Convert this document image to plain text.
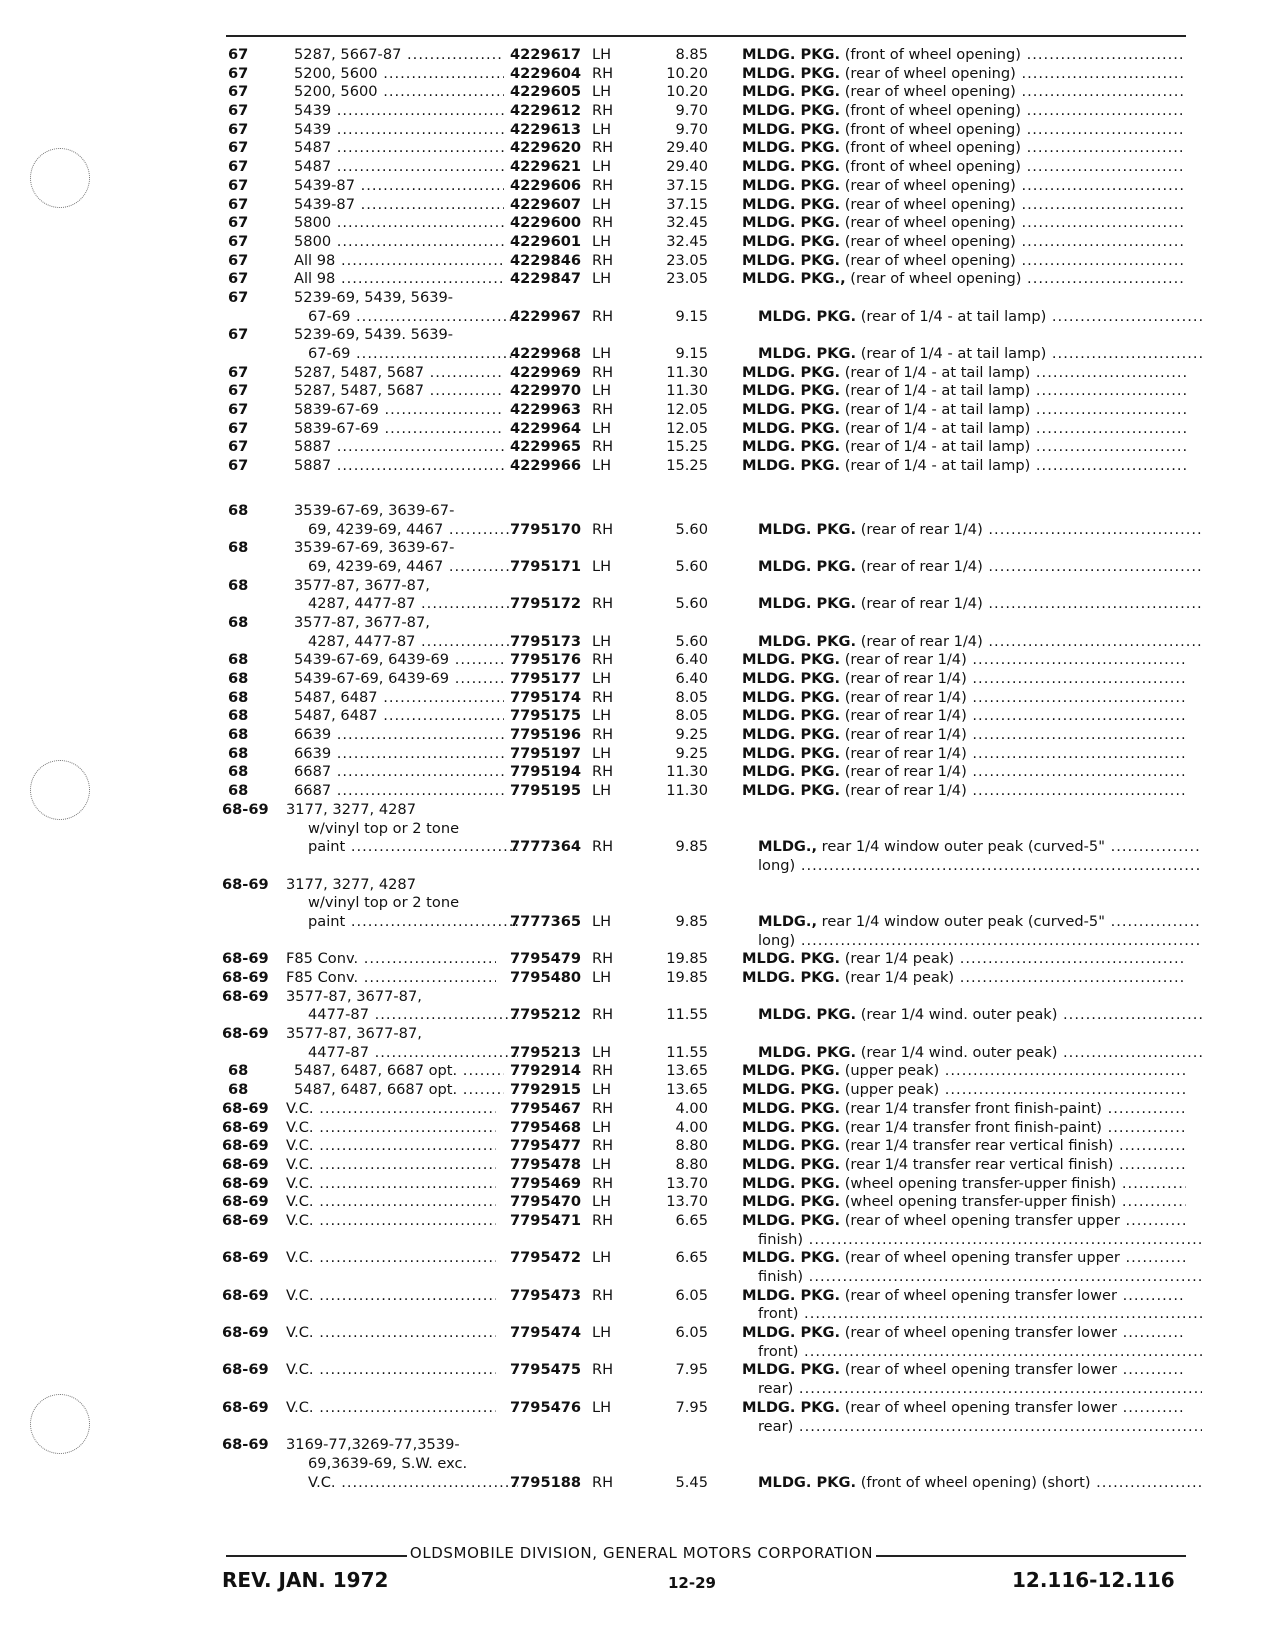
67	5287, 5667-87 .....	4229617 LH	8.85 MLDG. PKG. (front of wheel opening) .....
67	5200, 5600 .....	4229604 RH	10.20 MLDG. PKG. (rear of wheel opening) .....
67	5200, 5600 .....	4229605 LH	10.20 MLDG. PKG. (rear of wheel opening) .....
67	5439 .....	4229612 RH	9.70 MLDG. PKG. (front of wheel opening) .....
67	5439 .....	4229613 LH	9.70 MLDG. PKG. (front of wheel opening) .....
67	5487 .....	4229620 RH	29.40 MLDG. PKG. (front of wheel opening) .....
67	5487 .....	4229621 LH	29.40 MLDG. PKG. (front of wheel opening) .....
67	5439-87 .....	4229606 RH	37.15 MLDG. PKG. (rear of wheel opening) .....
67	5439-87 .....	4229607 LH	37.15 MLDG. PKG. (rear of wheel opening) .....
67	5800 .....	4229600 RH	32.45 MLDG. PKG. (rear of wheel opening) .....
67	5800 .....	4229601 LH	32.45 MLDG. PKG. (rear of wheel opening) .....
67	All 98 .....	4229846 RH	23.05 MLDG. PKG. (rear of wheel opening) .....
67	All 98 .....	4229847 LH	23.05 MLDG. PKG., (rear of wheel opening) .....
67	5239-69, 5439, 5639-
67-69 .....	4229967 RH	9.15	MLDG. PKG. (rear of 1/4 - at tail lamp) .....
67	5239-69, 5439. 5639-
67-69 .....	4229968 LH	9.15	MLDG. PKG. (rear of 1/4 - at tail lamp) .....
67	5287, 5487, 5687 .....	4229969 RH	11.30 MLDG. PKG. (rear of 1/4 - at tail lamp) .....
67	5287, 5487, 5687 .....	4229970 LH	11.30 MLDG. PKG. (rear of 1/4 - at tail lamp) .....
67	5839-67-69 .....	4229963 RH	12.05 MLDG. PKG. (rear of 1/4 - at tail lamp) .....
67	5839-67-69 .....	4229964 LH	12.05 MLDG. PKG. (rear of 1/4 - at tail lamp) .....
67	5887 .....	4229965 RH	15.25 MLDG. PKG. (rear of 1/4 - at tail lamp) .....
67	5887 .....	4229966 LH	15.25 MLDG. PKG. (rear of 1/4 - at tail lamp) .....
68	3539-67-69, 3639-67-
69, 4239-69, 4467 .....	7795170 RH	5.60	MLDG. PKG. (rear of rear 1/4) .....
68	3539-67-69, 3639-67-
69, 4239-69, 4467 .....	7795171 LH	5.60	MLDG. PKG. (rear of rear 1/4) .....
68	3577-87, 3677-87,
4287, 4477-87 .....	7795172 RH	5.60	MLDG. PKG. (rear of rear 1/4) .....
68	3577-87, 3677-87,
4287, 4477-87 .....	7795173 LH	5.60	MLDG. PKG. (rear of rear 1/4) .....
68	5439-67-69, 6439-69 .....	7795176 RH	6.40 MLDG. PKG. (rear of rear 1/4) .....
68	5439-67-69, 6439-69 .....	7795177 LH	6.40 MLDG. PKG. (rear of rear 1/4) .....
68	5487, 6487 .....	7795174 RH	8.05 MLDG. PKG. (rear of rear 1/4) .....
68	5487, 6487 .....	7795175 LH	8.05 MLDG. PKG. (rear of rear 1/4) .....
68	6639 .....	7795196 RH	9.25 MLDG. PKG. (rear of rear 1/4) .....
68	6639 .....	7795197 LH	9.25 MLDG. PKG. (rear of rear 1/4) .....
68	6687 .....	7795194 RH	11.30 MLDG. PKG. (rear of rear 1/4) .....
68	6687 .....	7795195 LH	11.30 MLDG. PKG. (rear of rear 1/4) .....
68-69 3177, 3277, 4287
w/vinyl top or 2 tone
paint .....	7777364 RH	9.85	MLDG., rear 1/4 window outer peak (curved-5" .....
long) .....
68-69 3177, 3277, 4287
w/vinyl top or 2 tone
paint .....	7777365 LH	9.85	MLDG., rear 1/4 window outer peak (curved-5" .....
long) .....
68-69 F85 Conv. .....	7795479 RH	19.85 MLDG. PKG. (rear 1/4 peak) .....
68-69 F85 Conv. .....	7795480 LH	19.85 MLDG. PKG. (rear 1/4 peak) .....
68-69 3577-87, 3677-87,
4477-87 .....	7795212 RH	11.55	MLDG. PKG. (rear 1/4 wind. outer peak) .....
68-69 3577-87, 3677-87,
4477-87 .....	7795213 LH	11.55	MLDG. PKG. (rear 1/4 wind. outer peak) .....
68	5487, 6487, 6687 opt. .....	7792914 RH	13.65 MLDG. PKG. (upper peak) .....
68	5487, 6487, 6687 opt. .....	7792915 LH	13.65 MLDG. PKG. (upper peak) .....
68-69 V.C. .....	7795467 RH	4.00 MLDG. PKG. (rear 1/4 transfer front finish-paint) .....
68-69 V.C. .....	7795468 LH	4.00 MLDG. PKG. (rear 1/4 transfer front finish-paint) .....
68-69 V.C. .....	7795477 RH	8.80 MLDG. PKG. (rear 1/4 transfer rear vertical finish) .....
68-69 V.C. .....	7795478 LH	8.80 MLDG. PKG. (rear 1/4 transfer rear vertical finish) .....
68-69 V.C. .....	7795469 RH	13.70 MLDG. PKG. (wheel opening transfer-upper finish) .....
68-69 V.C. .....	7795470 LH	13.70 MLDG. PKG. (wheel opening transfer-upper finish) .....
68-69 V.C. .....	7795471 RH	6.65 MLDG. PKG. (rear of wheel opening transfer upper .....
finish) .....
68-69 V.C. .....	7795472 LH	6.65 MLDG. PKG. (rear of wheel opening transfer upper .....
finish) .....
68-69 V.C. .....	7795473 RH	6.05 MLDG. PKG. (rear of wheel opening transfer lower .....
front) .....
68-69 V.C. .....	7795474 LH	6.05 MLDG. PKG. (rear of wheel opening transfer lower .....
front) .....
68-69 V.C. .....	7795475 RH	7.95 MLDG. PKG. (rear of wheel opening transfer lower .....
rear) .....
68-69 V.C. .....	7795476 LH	7.95 MLDG. PKG. (rear of wheel opening transfer lower .....
rear) .....
68-69 3169-77,3269-77,3539-
69,3639-69, S.W. exc.
V.C. .....	7795188 RH	5.45	MLDG. PKG. (front of wheel opening) (short) .....
OLDSMOBILE DIVISION, GENERAL MOTORS CORPORATION
REV. JAN. 1972	12-29	12.116-12.116
